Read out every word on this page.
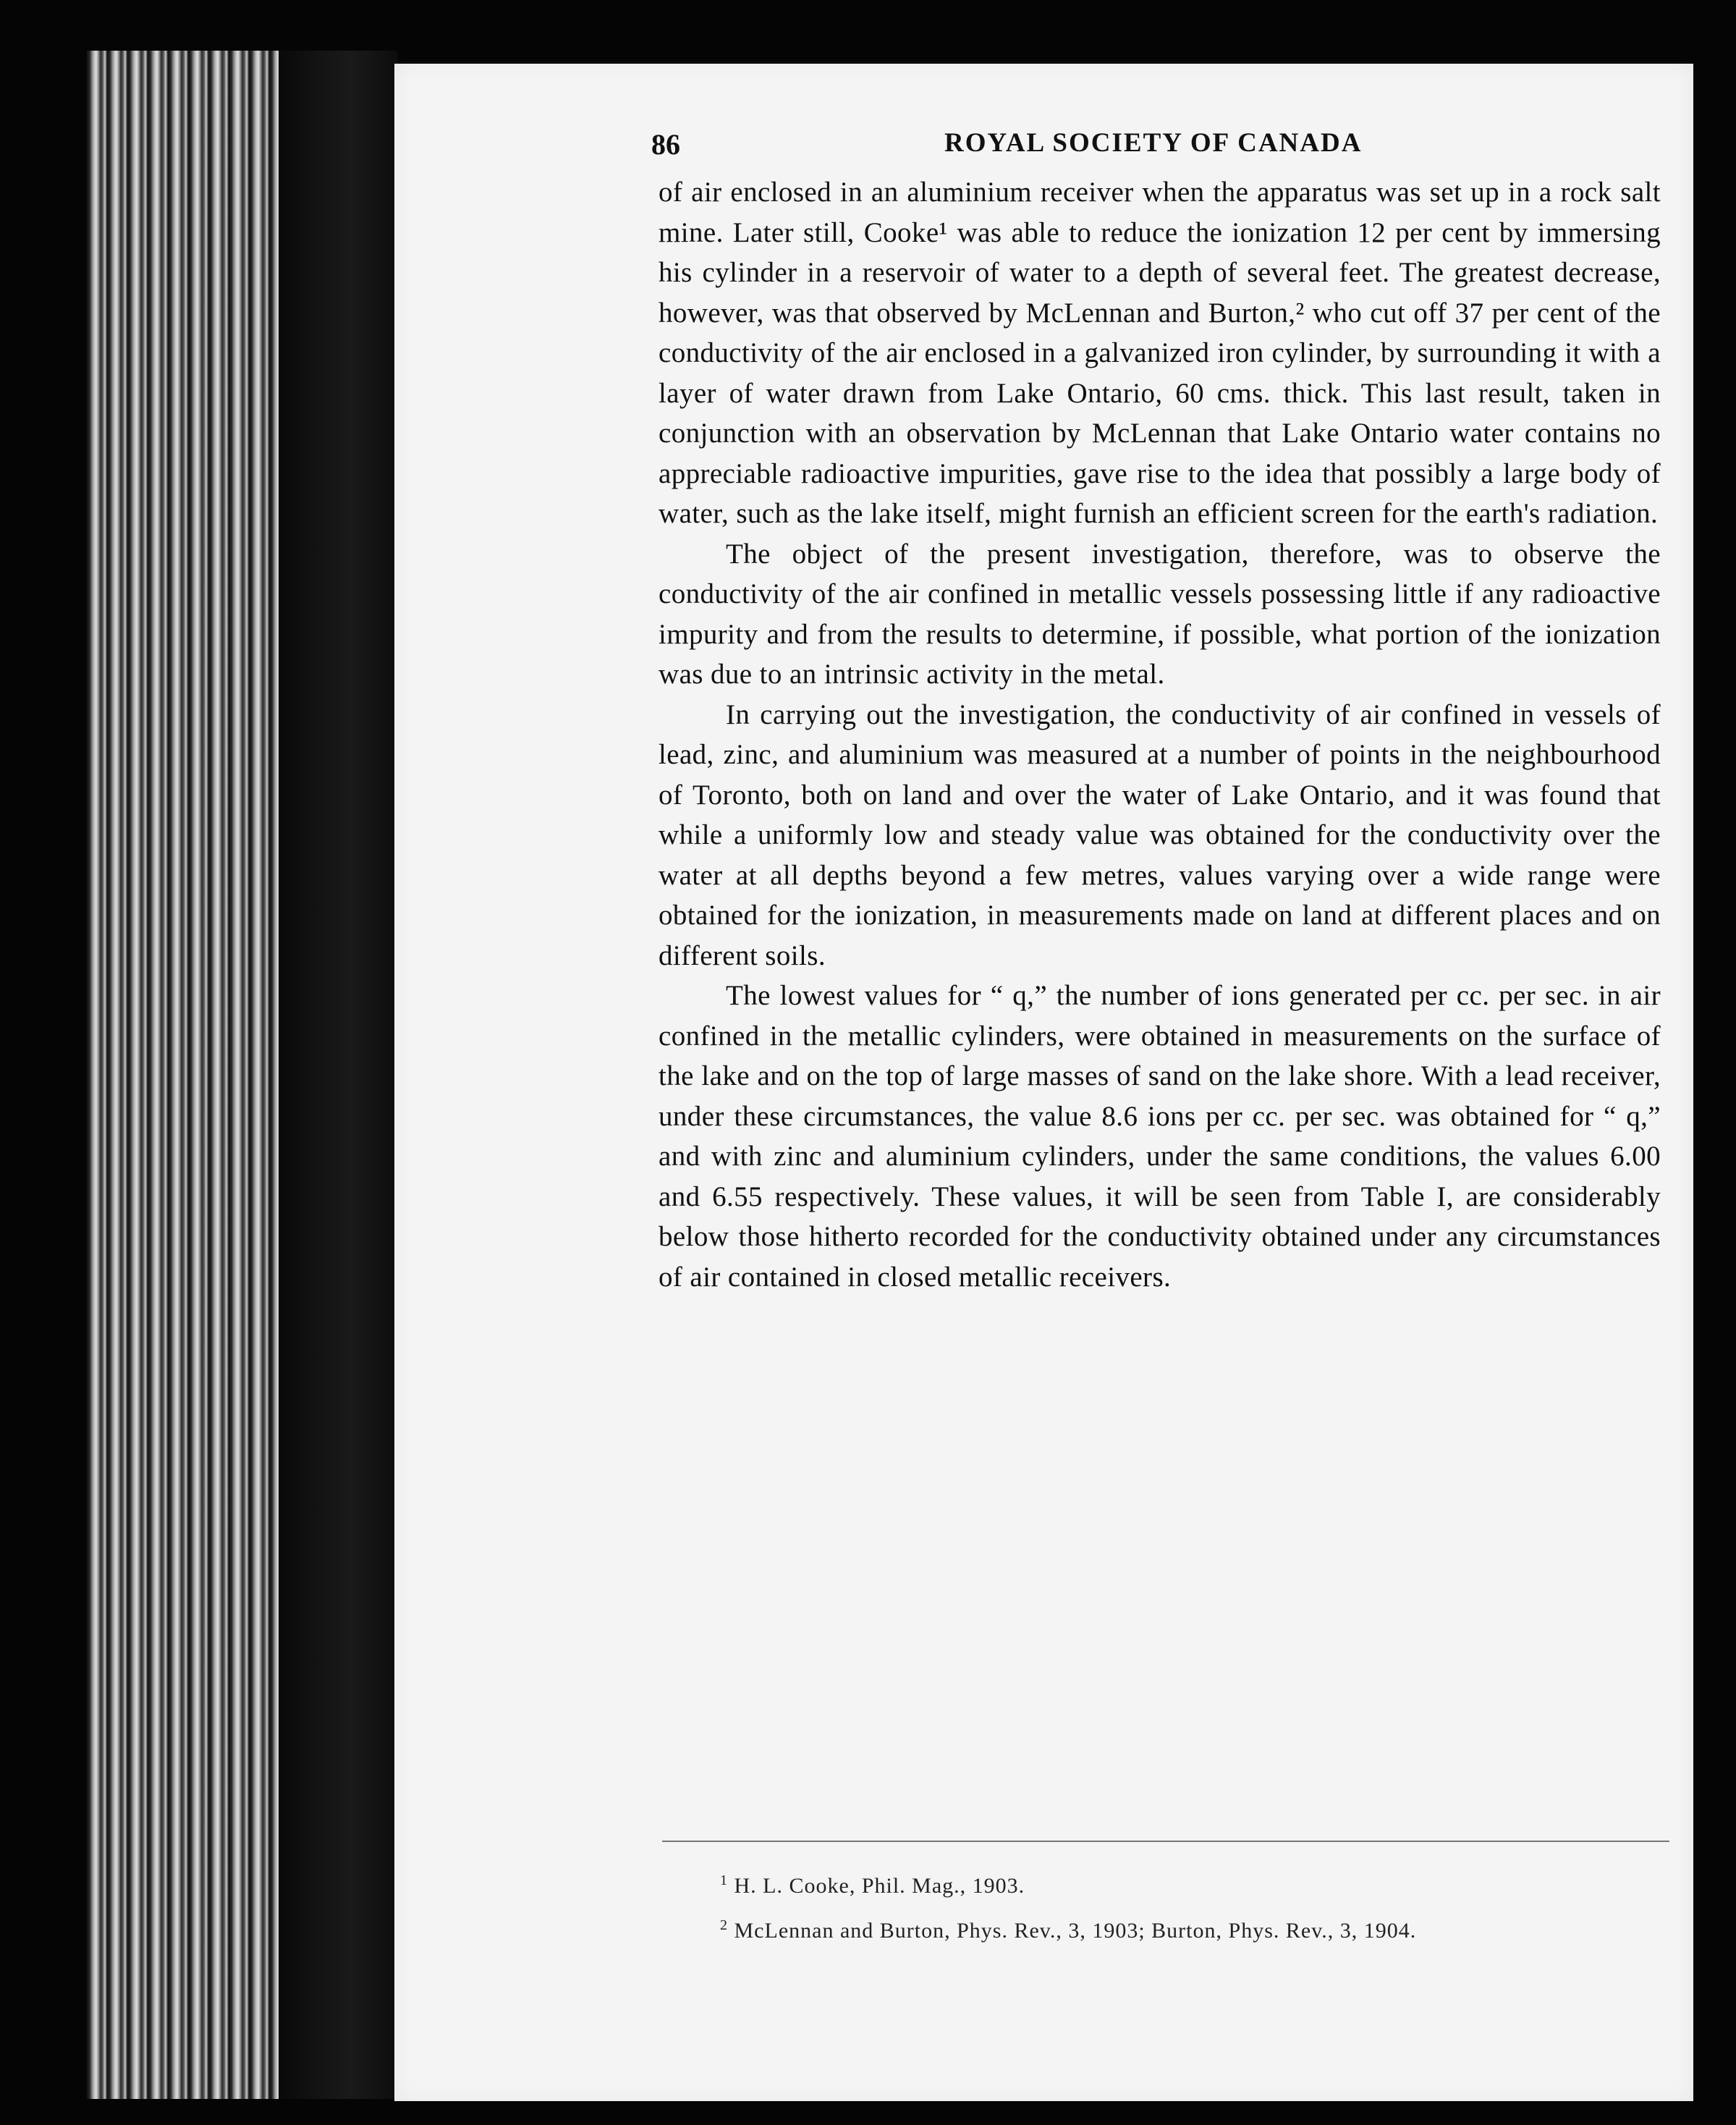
86	ROYAL SOCIETY OF CANADA

of air enclosed in an aluminium receiver when the apparatus was set up in a rock salt mine. Later still, Cooke¹ was able to reduce the ionization 12 per cent by immersing his cylinder in a reservoir of water to a depth of several feet. The greatest decrease, however, was that observed by McLennan and Burton,² who cut off 37 per cent of the conductivity of the air enclosed in a galvanized iron cylinder, by surrounding it with a layer of water drawn from Lake Ontario, 60 cms. thick. This last result, taken in conjunction with an observation by McLennan that Lake Ontario water contains no appreciable radioactive impurities, gave rise to the idea that possibly a large body of water, such as the lake itself, might furnish an efficient screen for the earth's radiation.

The object of the present investigation, therefore, was to observe the conductivity of the air confined in metallic vessels possessing little if any radioactive impurity and from the results to determine, if possible, what portion of the ionization was due to an intrinsic activity in the metal.

In carrying out the investigation, the conductivity of air confined in vessels of lead, zinc, and aluminium was measured at a number of points in the neighbourhood of Toronto, both on land and over the water of Lake Ontario, and it was found that while a uniformly low and steady value was obtained for the conductivity over the water at all depths beyond a few metres, values varying over a wide range were obtained for the ionization, in measurements made on land at different places and on different soils.

The lowest values for “ q,” the number of ions generated per cc. per sec. in air confined in the metallic cylinders, were obtained in measurements on the surface of the lake and on the top of large masses of sand on the lake shore. With a lead receiver, under these circumstances, the value 8.6 ions per cc. per sec. was obtained for “ q,” and with zinc and aluminium cylinders, under the same conditions, the values 6.00 and 6.55 respectively. These values, it will be seen from Table I, are considerably below those hitherto recorded for the conductivity obtained under any circumstances of air contained in closed metallic receivers.

$^1$ H. L. Cooke, Phil. Mag., 1903.
$^2$ McLennan and Burton, Phys. Rev., 3, 1903; Burton, Phys. Rev., 3, 1904.
